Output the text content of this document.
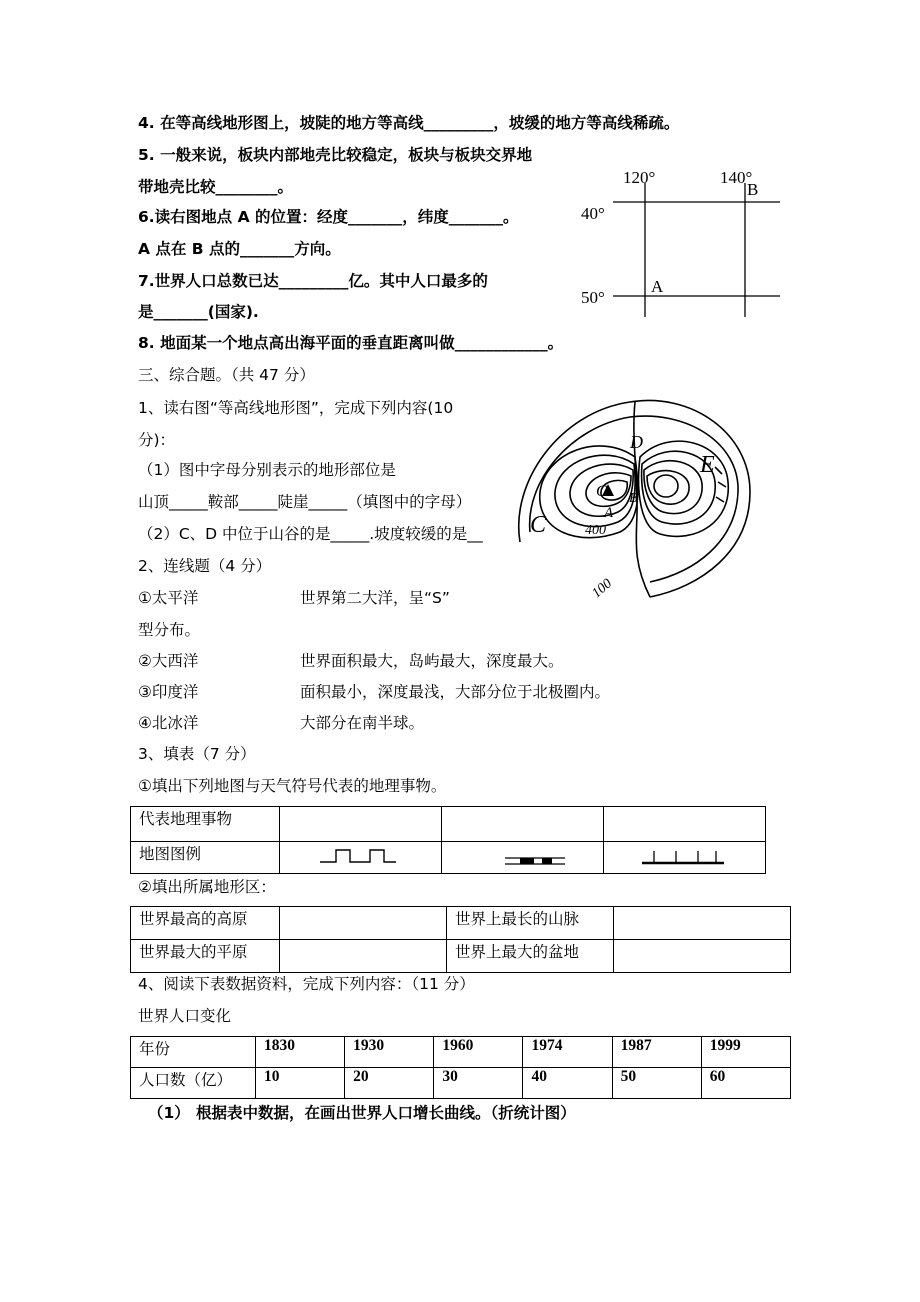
4. 在等高线地形图上，坡陡的地方等高线_________，坡缓的地方等高线稀疏。
5. 一般来说，板块内部地壳比较稳定，板块与板块交界地
带地壳比较________。
6.读右图地点 A 的位置：经度_______，纬度_______。
A 点在 B 点的_______方向。
7.世界人口总数已达_________亿。其中人口最多的
是_______(国家).
8. 地面某一个地点高出海平面的垂直距离叫做____________。
120°	140°
40°
50°
A
B
三、综合题。（共 47 分）
1、读右图“等高线地形图”，完成下列内容(10
分)：
（1）图中字母分别表示的地形部位是
山顶_____鞍部_____陡崖_____（填图中的字母）
（2）C、D 中位于山谷的是_____.坡度较缓的是__
C
A
B
D
E
C	400
100
2、连线题（4 分）
①太平洋	世界第二大洋，呈“S”
型分布。
②大西洋	世界面积最大，岛屿最大，深度最大。
③印度洋	面积最小，深度最浅，大部分位于北极圈内。
④北冰洋	大部分在南半球。
3、填表（7 分）
①填出下列地图与天气符号代表的地理事物。
代表地理事物			
地图图例	

②填出所属地形区：
世界最高的高原		世界上最长的山脉	
世界最大的平原		世界上最大的盆地	
4、阅读下表数据资料，完成下列内容：（11 分）
世界人口变化
年份	1830	1930	1960	1974	1987	1999
人口数（亿）	10	20	30	40	50	60
（1） 根据表中数据，在画出世界人口增长曲线。（折统计图）
